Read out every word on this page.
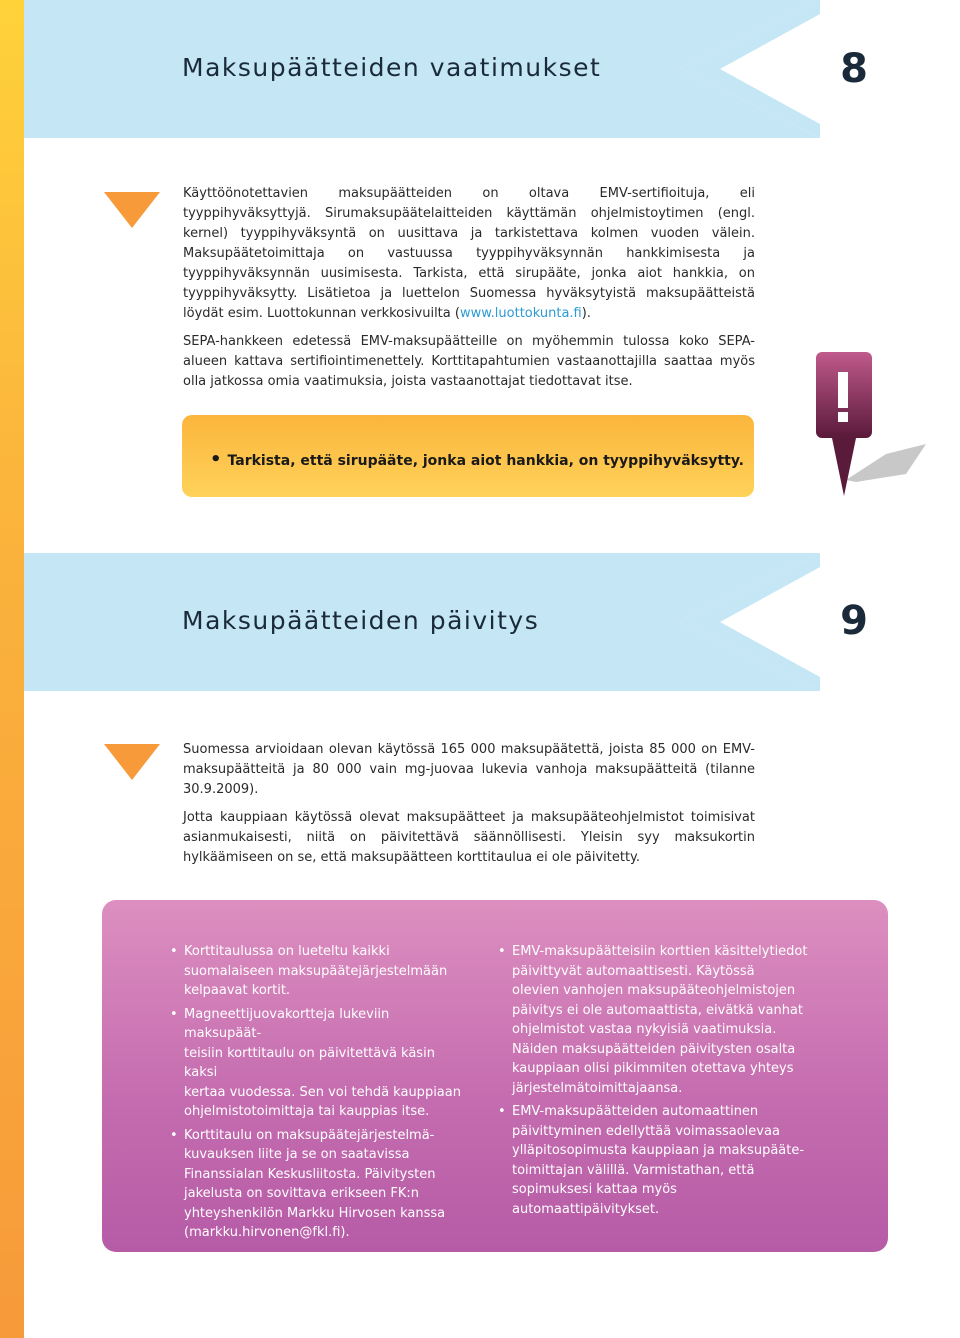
Maksupäätteiden vaatimukset	8

Käyttöönotettavien maksupäätteiden on oltava EMV-sertifioituja, eli tyyppihyväksyttyjä. Sirumaksupäätelaitteiden käyttämän ohjelmistoytimen (engl. kernel) tyyppihyväksyntä on uusittava ja tarkistettava kolmen vuoden välein. Maksupäätetoimittaja on vastuussa tyyppihyväksynnän hankkimisesta ja tyyppihyväksynnän uusimisesta. Tarkista, että sirupääte, jonka aiot hankkia, on tyyppihyväksytty. Lisätietoa ja luettelon Suomessa hyväksytyistä maksupäätteistä löydät esim. Luottokunnan verkkosivuilta (www.luottokunta.fi).

SEPA-hankkeen edetessä EMV-maksupäätteille on myöhemmin tulossa koko SEPA-alueen kattava sertifiointimenettely. Korttitapahtumien vastaanottajilla saattaa myös olla jatkossa omia vaatimuksia, joista vastaanottajat tiedottavat itse.

• Tarkista, että sirupääte, jonka aiot hankkia, on tyyppihyväksytty.
Maksupäätteiden päivitys	9

Suomessa arvioidaan olevan käytössä 165 000 maksupäätettä, joista 85 000 on EMV-maksupäätteitä ja 80 000 vain mg-juovaa lukevia vanhoja maksupäätteitä (tilanne 30.9.2009).

Jotta kauppiaan käytössä olevat maksupäätteet ja maksupääteohjelmistot toimisivat asianmukaisesti, niitä on päivitettävä säännöllisesti. Yleisin syy maksukortin hylkäämiseen on se, että maksupäätteen korttitaulua ei ole päivitetty.

• Korttitaulussa on lueteltu kaikki
suomalaiseen maksupäätejärjestelmään
kelpaavat kortit.
• Magneettijuovakortteja lukeviin maksupäät-
teisiin korttitaulu on päivitettävä käsin kaksi
kertaa vuodessa. Sen voi tehdä kauppiaan
ohjelmistotoimittaja tai kauppias itse.
• Korttitaulu on maksupäätejärjestelmä-
kuvauksen liite ja se on saatavissa
Finanssialan Keskusliitosta. Päivitysten
jakelusta on sovittava erikseen FK:n
yhteyshenkilön Markku Hirvosen kanssa
(markku.hirvonen@fkl.fi).
• EMV-maksupäätteisiin korttien käsittelytiedot
päivittyvät automaattisesti. Käytössä
olevien vanhojen maksupääteohjelmistojen
päivitys ei ole automaattista, eivätkä vanhat
ohjelmistot vastaa nykyisiä vaatimuksia.
Näiden maksupäätteiden päivitysten osalta
kauppiaan olisi pikimmiten otettava yhteys
järjestelmätoimittajaansa.
• EMV-maksupäätteiden automaattinen
päivittyminen edellyttää voimassaolevaa
ylläpitosopimusta kauppiaan ja maksupääte-
toimittajan välillä. Varmistathan, että
sopimuksesi kattaa myös automaattipäivitykset.
